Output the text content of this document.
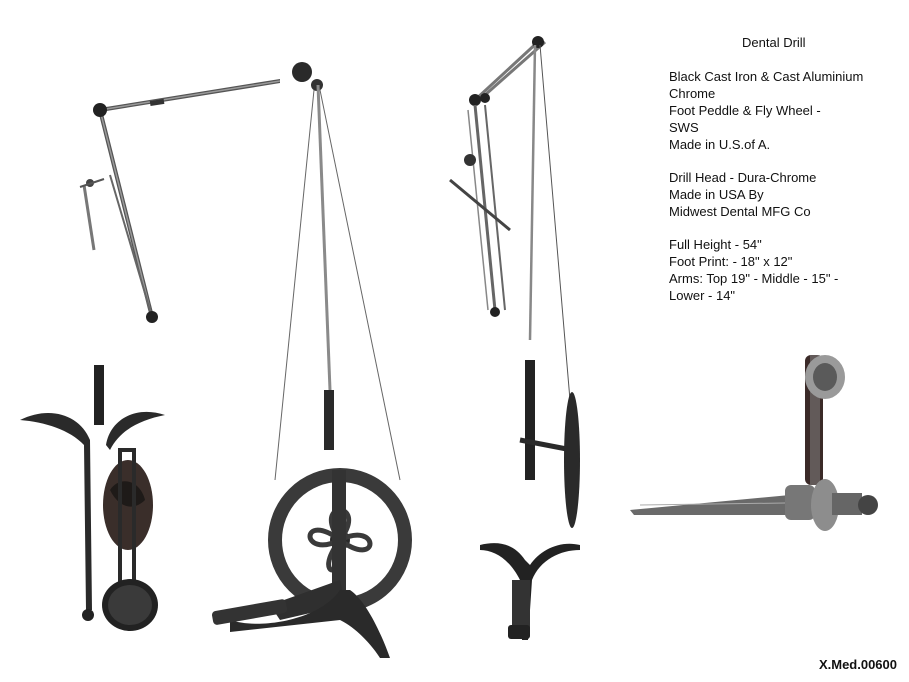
Dental Drill
Black Cast Iron & Cast Aluminium
Chrome
Foot Peddle & Fly Wheel -
SWS
Made in U.S.of A.
Drill Head - Dura-Chrome
Made in USA By
Midwest Dental MFG Co
Full Height - 54"
Foot Print: - 18" x 12"
Arms: Top 19" - Middle - 15" -
Lower - 14"
X.Med.00600
